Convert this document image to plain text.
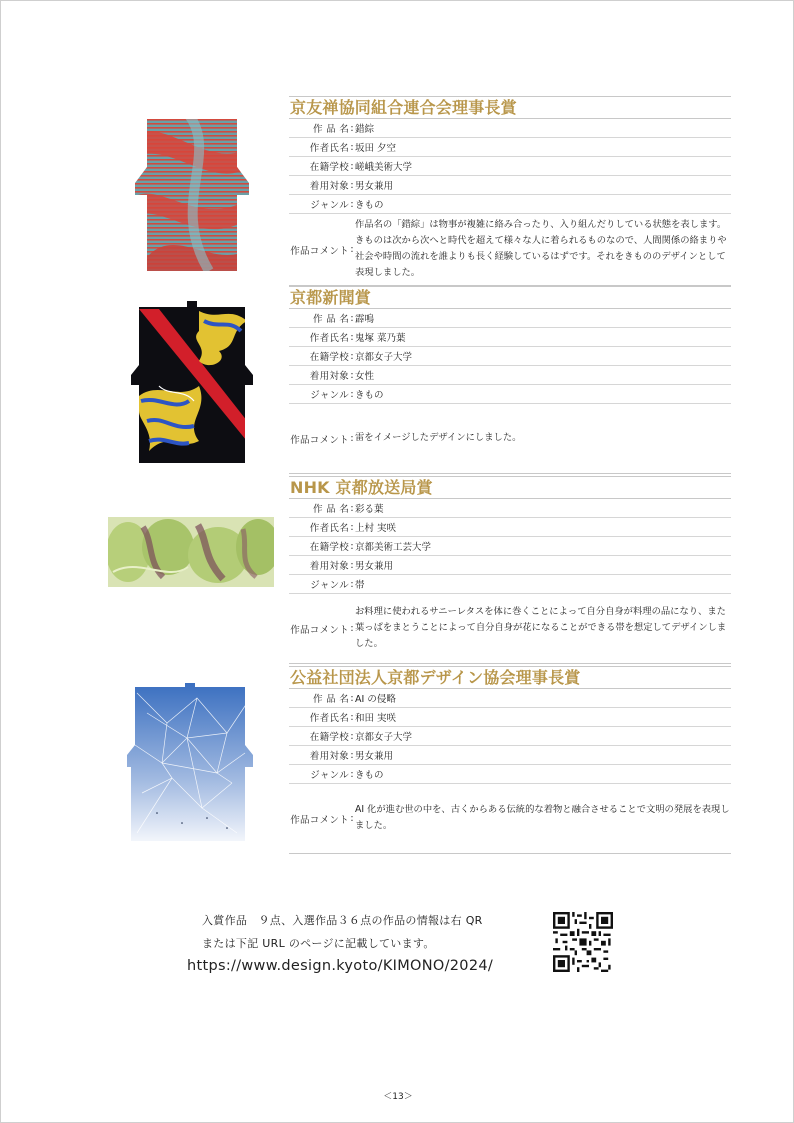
京友禅協同組合連合会理事長賞
作 品 名 : 錯綜
作者氏名 : 坂田 夕空
在籍学校 : 嵯峨美術大学
着用対象 : 男女兼用
ジャンル : きもの
作品コメント :
作品名の「錯綜」は物事が複雑に絡み合ったり、入り組んだりしている状態を表します。きものは次から次へと時代を超えて様々な人に着られるものなので、人間関係の絡まりや社会や時間の流れを誰よりも長く経験しているはずです。それをきもののデザインとして表現しました。
京都新聞賞
作 品 名 : 霹鳴
作者氏名 : 鬼塚 菜乃葉
在籍学校 : 京都女子大学
着用対象 : 女性
ジャンル : きもの
作品コメント : 雷をイメージしたデザインにしました。
NHK 京都放送局賞
作 品 名 : 彩る葉
作者氏名 : 上村 実咲
在籍学校 : 京都美術工芸大学
着用対象 : 男女兼用
ジャンル : 帯
作品コメント :
お料理に使われるサニーレタスを体に巻くことによって自分自身が料理の品になり、また葉っぱをまとうことによって自分自身が花になることができる帯を想定してデザインしました。
公益社団法人京都デザイン協会理事長賞
作 品 名 : AI の侵略
作者氏名 : 和田 実咲
在籍学校 : 京都女子大学
着用対象 : 男女兼用
ジャンル : きもの
作品コメント :
AI 化が進む世の中を、古くからある伝統的な着物と融合させることで文明の発展を表現しました。
入賞作品　９点、入選作品３６点の作品の情報は右 QR
または下記 URL のページに記載しています。
https://www.design.kyoto/KIMONO/2024/
＜13＞
